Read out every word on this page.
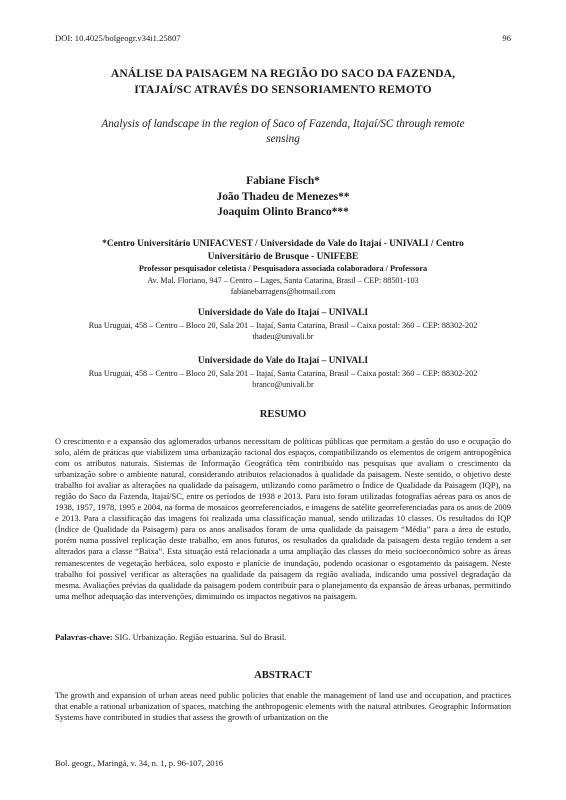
DOI: 10.4025/bolgeogr.v34i1.25807	96
ANÁLISE DA PAISAGEM NA REGIÃO DO SACO DA FAZENDA,
ITAJAÍ/SC ATRAVÉS DO SENSORIAMENTO REMOTO
Analysis of landscape in the region of Saco of Fazenda, Itajaí/SC through remote
sensing
Fabiane Fisch*
João Thadeu de Menezes**
Joaquim Olinto Branco***
*Centro Universitário UNIFACVEST / Universidade do Vale do Itajaí - UNIVALI / Centro
Universitário de Brusque - UNIFEBE
Professor pesquisador celetista / Pesquisadora associada colaboradora / Professora
Av. Mal. Floriano, 947 – Centro – Lages, Santa Catarina, Brasil – CEP: 88501-103
fabianebarragens@hotmail.com
Universidade do Vale do Itajaí – UNIVALI
Rua Uruguai, 458 – Centro – Bloco 20, Sala 201 – Itajaí, Santa Catarina, Brasil – Caixa postal: 360 – CEP: 88302-202
thadeu@univali.br
Universidade do Vale do Itajaí – UNIVALI
Rua Uruguai, 458 – Centro – Bloco 20, Sala 201 – Itajaí, Santa Catarina, Brasil – Caixa postal: 360 – CEP: 88302-202
branco@univali.br
RESUMO
O crescimento e a expansão dos aglomerados urbanos necessitam de políticas públicas que permitam a gestão do uso e ocupação do solo, além de práticas que viabilizem uma urbanização racional dos espaços, compatibilizando os elementos de origem antropogênica com os atributos naturais. Sistemas de Informação Geográfica têm contribuído nas pesquisas que avaliam o crescimento da urbanização sobre o ambiente natural, considerando atributos relacionados à qualidade da paisagem. Neste sentido, o objetivo deste trabalho foi avaliar as alterações na qualidade da paisagem, utilizando como parâmetro o Índice de Qualidade da Paisagem (IQP), na região do Saco da Fazenda, Itajaí/SC, entre os períodos de 1938 e 2013. Para isto foram utilizadas fotografias aéreas para os anos de 1938, 1957, 1978, 1995 e 2004, na forma de mosaicos georreferenciados, e imagens de satélite georreferenciadas para os anos de 2009 e 2013. Para a classificação das imagens foi realizada uma classificação manual, sendo utilizadas 10 classes. Os resultados do IQP (Índice de Qualidade da Paisagem) para os anos analisados foram de uma qualidade da paisagem “Média” para a área de estudo, porém numa possível replicação deste trabalho, em anos futuros, os resultados da qualidade da paisagem desta região tendem a ser alterados para a classe “Baixa”. Esta situação está relacionada a uma ampliação das classes do meio socioeconômico sobre as áreas remanescentes de vegetação herbácea, solo exposto e planície de inundação, podendo ocasionar o esgotamento da paisagem. Neste trabalho foi possível verificar as alterações na qualidade da paisagem da região avaliada, indicando uma possível degradação da mesma. Avaliações prévias da qualidade da paisagem podem contribuir para o planejamento da expansão de áreas urbanas, permitindo uma melhor adequação das intervenções, diminuindo os impactos negativos na paisagem.
Palavras-chave: SIG. Urbanização. Região estuarina. Sul do Brasil.
ABSTRACT
The growth and expansion of urban areas need public policies that enable the management of land use and occupation, and practices that enable a rational urbanization of spaces, matching the anthropogenic elements with the natural attributes. Geographic Information Systems have contributed in studies that assess the growth of urbanization on the
Bol. geogr., Maringá, v. 34, n. 1, p. 96-107, 2016
